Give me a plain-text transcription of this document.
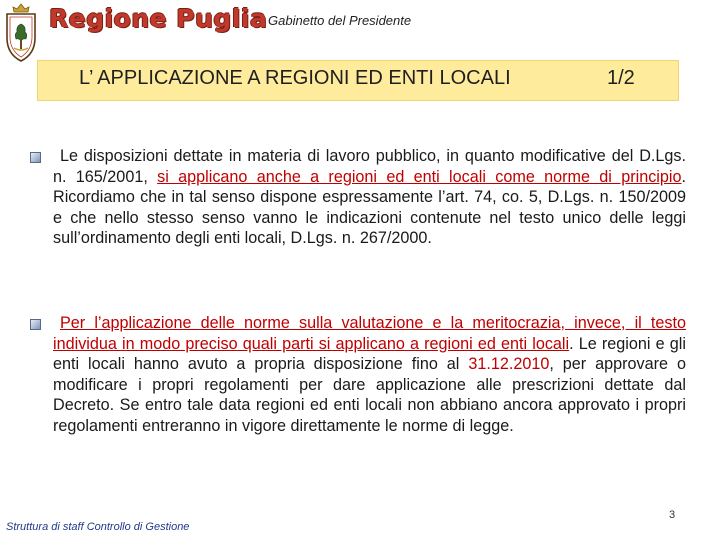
Regione Puglia Gabinetto del Presidente
L’ APPLICAZIONE A REGIONI ED ENTI LOCALI	1/2
Le disposizioni dettate in materia di lavoro pubblico, in quanto modificative del D.Lgs. n. 165/2001, si applicano anche a regioni ed enti locali come norme di principio. Ricordiamo che in tal senso dispone espressamente l’art. 74, co. 5, D.Lgs. n. 150/2009 e che nello stesso senso vanno le indicazioni contenute nel testo unico delle leggi sull’ordinamento degli enti locali, D.Lgs. n. 267/2000.
Per l’applicazione delle norme sulla valutazione e la meritocrazia, invece, il testo individua in modo preciso quali parti si applicano a regioni ed enti locali. Le regioni e gli enti locali hanno avuto a propria disposizione fino al 31.12.2010, per approvare o modificare i propri regolamenti per dare applicazione alle prescrizioni dettate dal Decreto. Se entro tale data regioni ed enti locali non abbiano ancora approvato i propri regolamenti entreranno in vigore direttamente le norme di legge.
Struttura di staff Controllo di Gestione
3
